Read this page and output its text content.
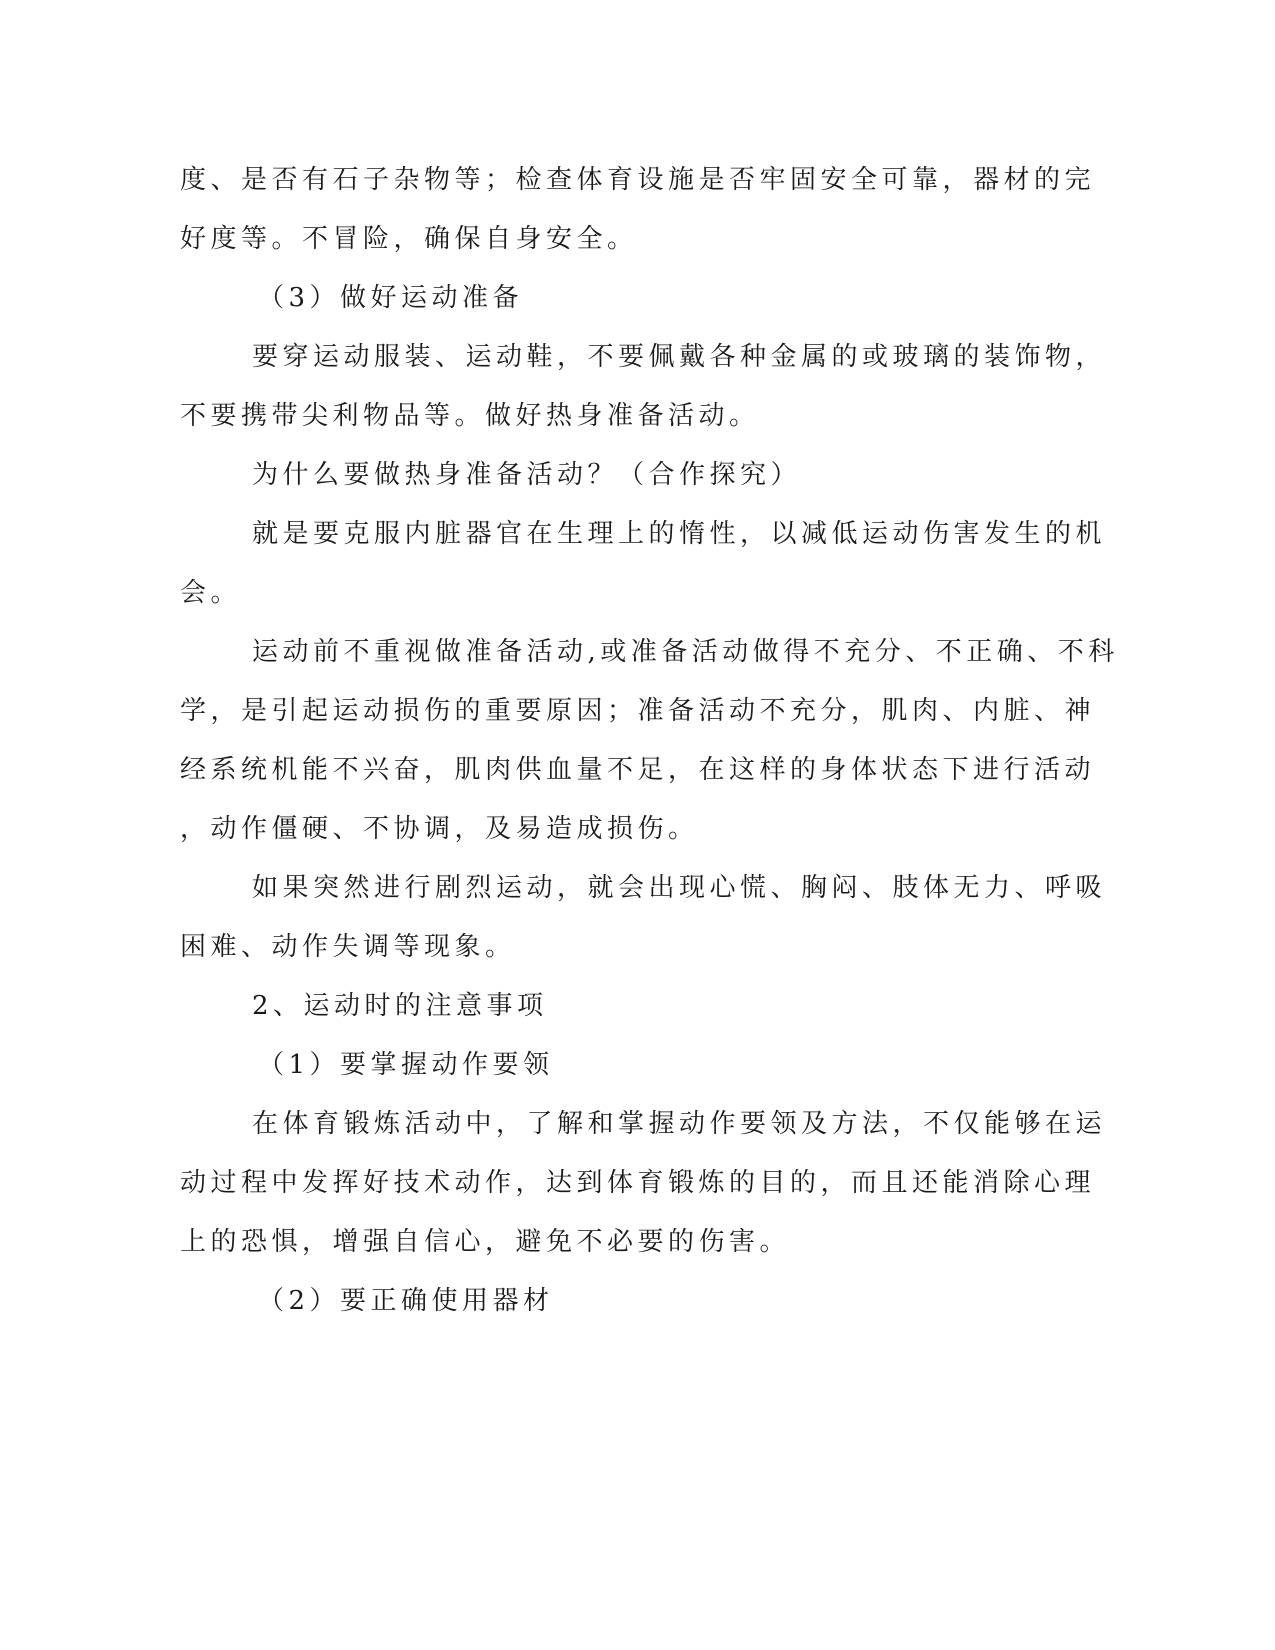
度、是否有石子杂物等；检查体育设施是否牢固安全可靠，器材的完
好度等。不冒险，确保自身安全。
（3）做好运动准备
要穿运动服装、运动鞋，不要佩戴各种金属的或玻璃的装饰物，
不要携带尖利物品等。做好热身准备活动。
为什么要做热身准备活动？（合作探究）
就是要克服内脏器官在生理上的惰性，以减低运动伤害发生的机
会。
运动前不重视做准备活动,或准备活动做得不充分、不正确、不科
学，是引起运动损伤的重要原因；准备活动不充分，肌肉、内脏、神
经系统机能不兴奋，肌肉供血量不足，在这样的身体状态下进行活动
，动作僵硬、不协调，及易造成损伤。
如果突然进行剧烈运动，就会出现心慌、胸闷、肢体无力、呼吸
困难、动作失调等现象。
2、运动时的注意事项
（1）要掌握动作要领
在体育锻炼活动中，了解和掌握动作要领及方法，不仅能够在运
动过程中发挥好技术动作，达到体育锻炼的目的，而且还能消除心理
上的恐惧，增强自信心，避免不必要的伤害。
（2）要正确使用器材
